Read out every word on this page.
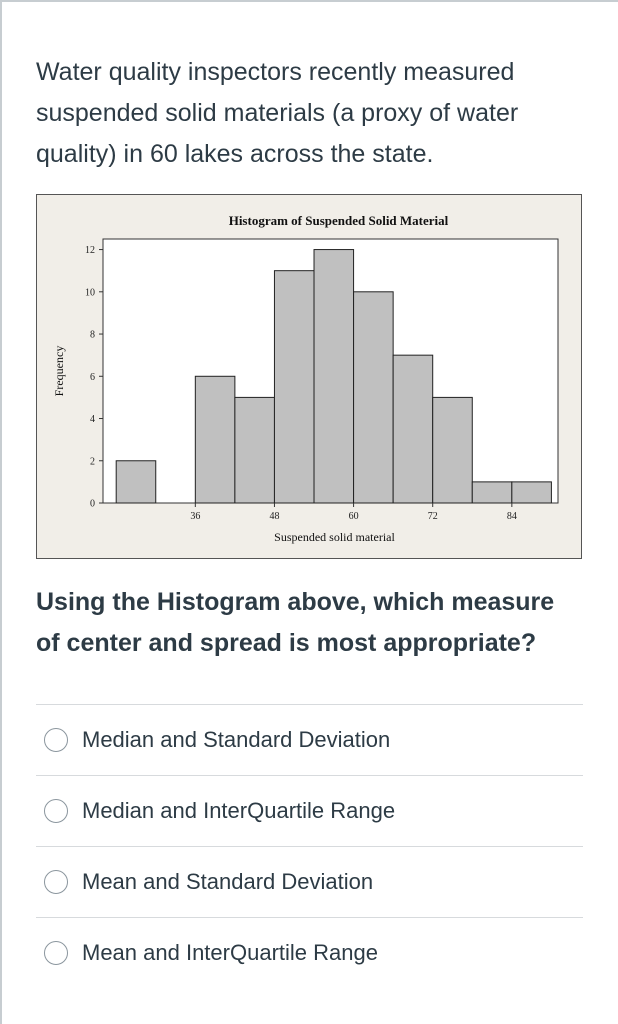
Water quality inspectors recently measured suspended solid materials (a proxy of water quality) in 60 lakes across the state.

Histogram of Suspended Solid Material
0
2
4
6
8
10
12
36	48	60	72	84
Suspended solid material
Frequency

Using the Histogram above, which measure of center and spread is most appropriate?

Median and Standard Deviation
Median and InterQuartile Range
Mean and Standard Deviation
Mean and InterQuartile Range
